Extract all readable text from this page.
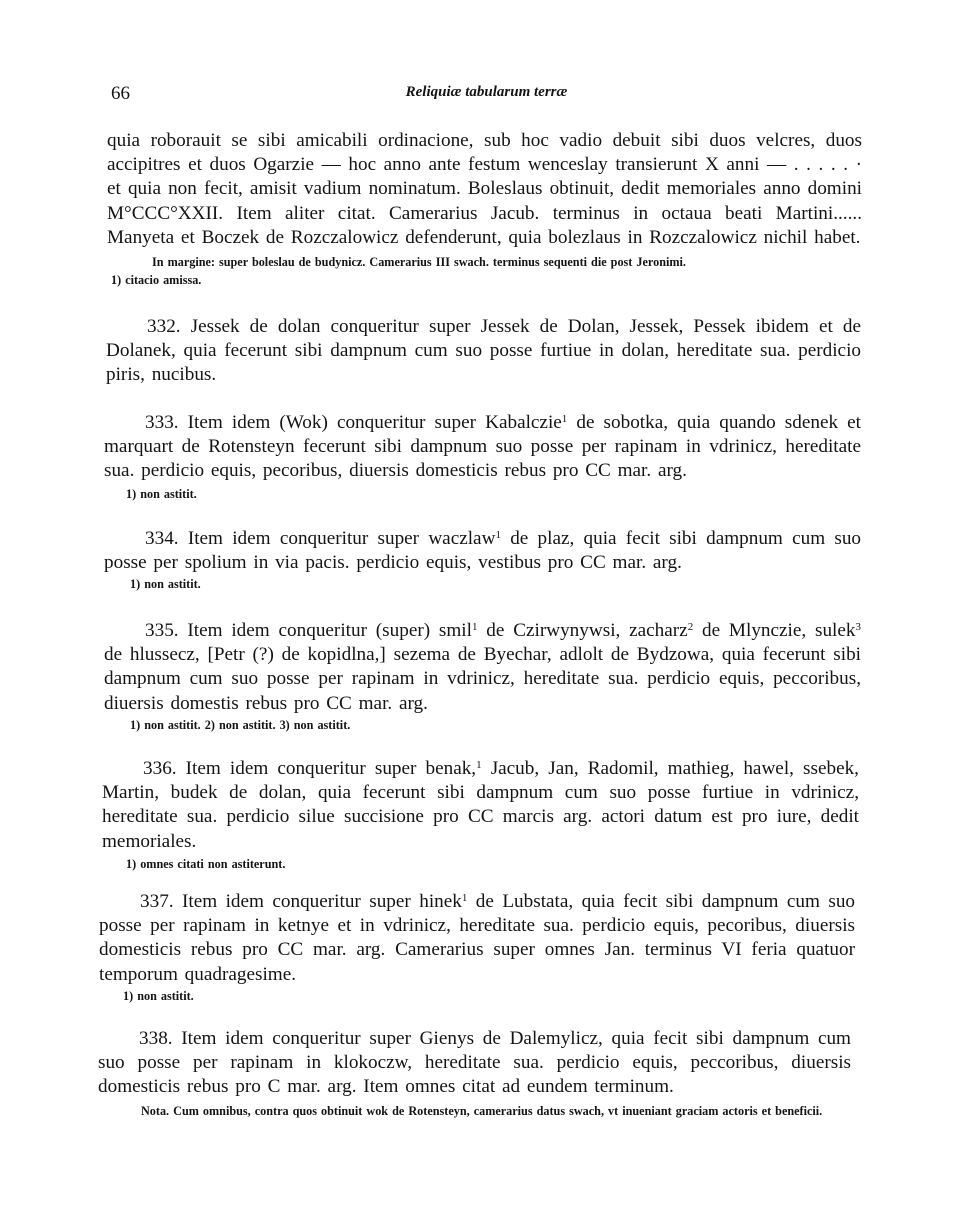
66	Reliquiæ tabularum terræ

quia roborauit se sibi amicabili ordinacione, sub hoc vadio debuit sibi duos velcres, duos accipitres et duos Ogarzie — hoc anno ante festum wenceslay transierunt X anni — . . . . . · et quia non fecit, amisit vadium nominatum. Boleslaus obtinuit, dedit memoriales anno domini M°CCC°XXII. Item aliter citat. Camerarius Jacub. terminus in octaua beati Martini...... Manyeta et Boczek de Rozczalowicz defenderunt, quia bolezlaus in Rozczalowicz nichil habet.

In margine: super boleslau de budynicz. Camerarius III swach. terminus sequenti die post Jeronimi.

1) citacio amissa.

332. Jessek de dolan conqueritur super Jessek de Dolan, Jessek, Pessek ibidem et de Dolanek, quia fecerunt sibi dampnum cum suo posse furtiue in dolan, hereditate sua. perdicio piris, nucibus.

333. Item idem (Wok) conqueritur super Kabalczie$^1$ de sobotka, quia quando sdenek et marquart de Rotensteyn fecerunt sibi dampnum suo posse per rapinam in vdrinicz, hereditate sua. perdicio equis, pecoribus, diuersis domesticis rebus pro CC mar. arg.

1) non astitit.

334. Item idem conqueritur super waczlaw$^1$ de plaz, quia fecit sibi dampnum cum suo posse per spolium in via pacis. perdicio equis, vestibus pro CC mar. arg.

1) non astitit.

335. Item idem conqueritur (super) smil$^1$ de Czirwynywsi, zacharz$^2$ de Mlynczie, sulek$^3$ de hlussecz, [Petr (?) de kopidlna,] sezema de Byechar, adlolt de Bydzowa, quia fecerunt sibi dampnum cum suo posse per rapinam in vdrinicz, hereditate sua. perdicio equis, peccoribus, diuersis domestis rebus pro CC mar. arg.

1) non astitit. 2) non astitit. 3) non astitit.

336. Item idem conqueritur super benak,$^1$ Jacub, Jan, Radomil, mathieg, hawel, ssebek, Martin, budek de dolan, quia fecerunt sibi dampnum cum suo posse furtiue in vdrinicz, hereditate sua. perdicio silue succisione pro CC marcis arg. actori datum est pro iure, dedit memoriales.

1) omnes citati non astiterunt.

337. Item idem conqueritur super hinek$^1$ de Lubstata, quia fecit sibi dampnum cum suo posse per rapinam in ketnye et in vdrinicz, hereditate sua. perdicio equis, pecoribus, diuersis domesticis rebus pro CC mar. arg. Camerarius super omnes Jan. terminus VI feria quatuor temporum quadragesime.

1) non astitit.

338. Item idem conqueritur super Gienys de Dalemylicz, quia fecit sibi dampnum cum suo posse per rapinam in klokoczw, hereditate sua. perdicio equis, peccoribus, diuersis domesticis rebus pro C mar. arg. Item omnes citat ad eundem terminum.

Nota. Cum omnibus, contra quos obtinuit wok de Rotensteyn, camerarius datus swach, vt inueniant graciam actoris et beneficii.
